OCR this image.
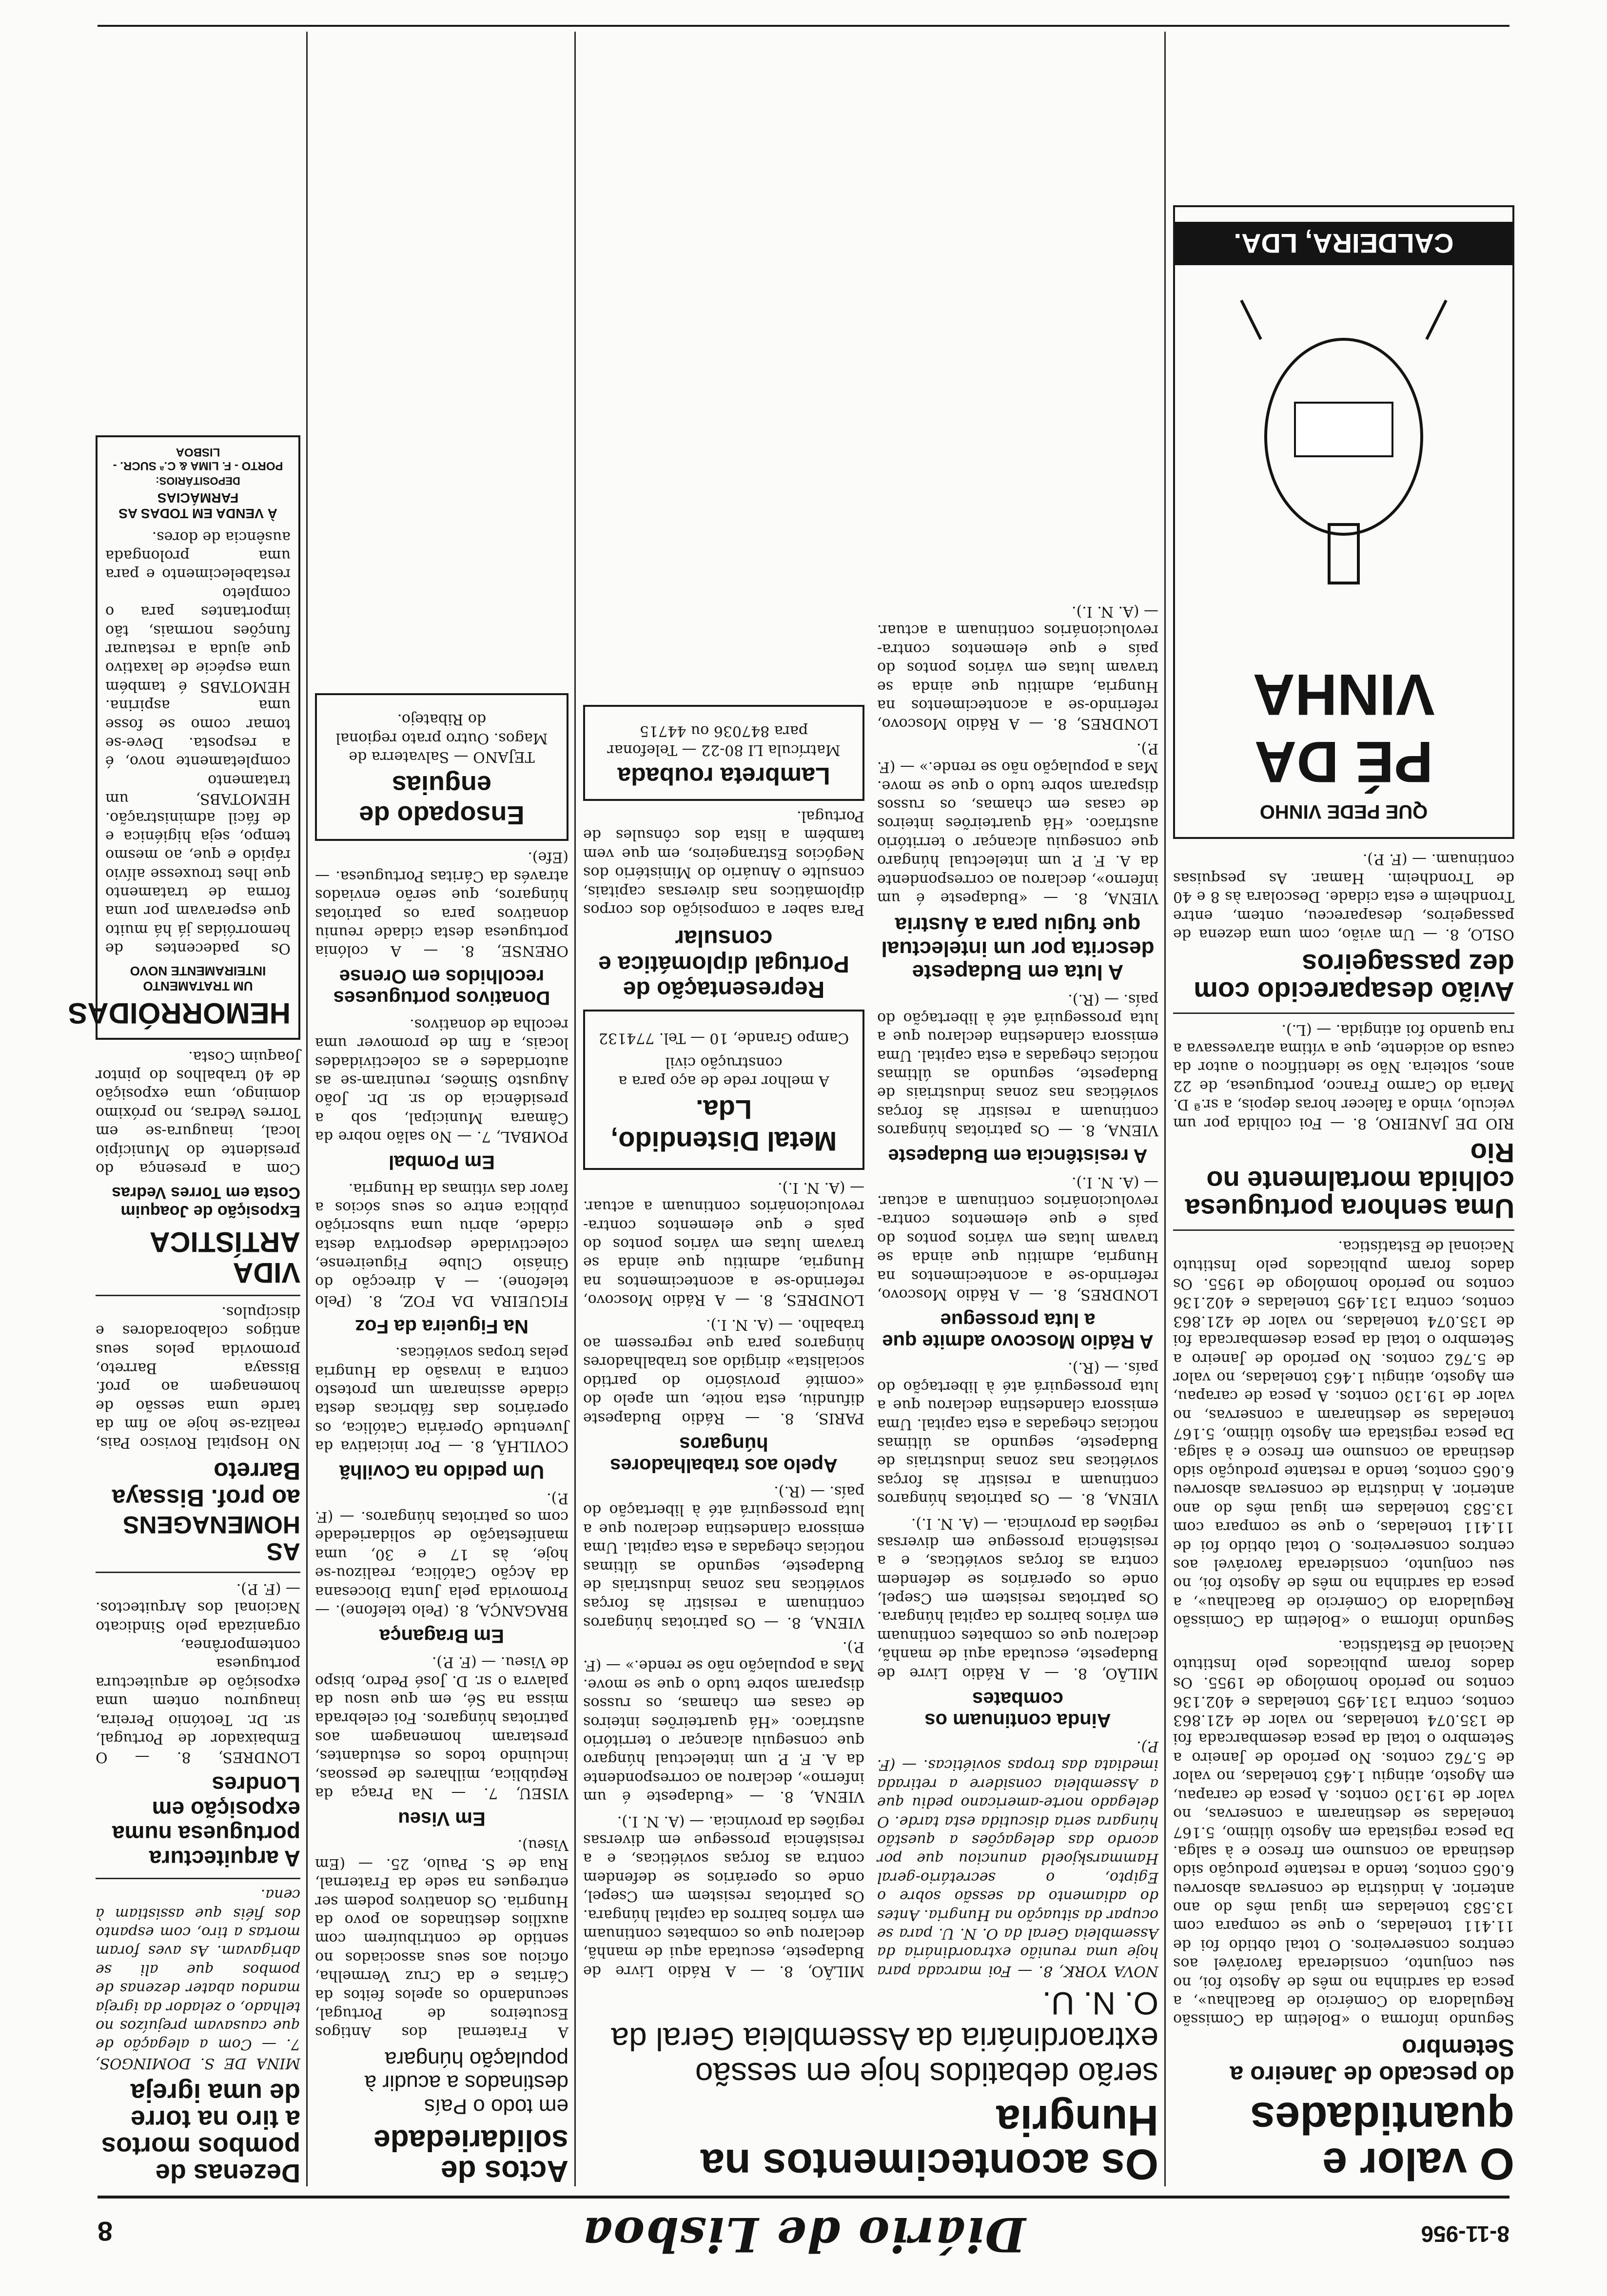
8-11-956
Diário de Lisboa
8
O valor e quantidades
do pescado de Janeiro a Setembro
Segundo informa o «Boletim da Comissão Reguladora do Comércio de Bacalhau», a pesca da sardinha no mês de Agosto foi, no seu conjunto, considerada favorável aos centros conserveiros. O total obtido foi de 11.411 toneladas, o que se compara com 13.583 toneladas em igual mês do ano anterior. A indústria de conservas absorveu 6.065 contos, tendo a restante produção sido destinada ao consumo em fresco e à salga. Da pesca registada em Agosto último, 5.167 toneladas se destinaram a conservas, no valor de 19.130 contos. A pesca de carapau, em Agosto, atingiu 1.463 toneladas, no valor de 5.762 contos. No período de Janeiro a Setembro o total da pesca desembarcada foi de 135.074 toneladas, no valor de 421.863 contos, contra 131.495 toneladas e 402.136 contos no período homólogo de 1955. Os dados foram publicados pelo Instituto Nacional de Estatística.
Segundo informa o «Boletim da Comissão Reguladora do Comércio de Bacalhau», a pesca da sardinha no mês de Agosto foi, no seu conjunto, considerada favorável aos centros conserveiros. O total obtido foi de 11.411 toneladas, o que se compara com 13.583 toneladas em igual mês do ano anterior. A indústria de conservas absorveu 6.065 contos, tendo a restante produção sido destinada ao consumo em fresco e à salga. Da pesca registada em Agosto último, 5.167 toneladas se destinaram a conservas, no valor de 19.130 contos. A pesca de carapau, em Agosto, atingiu 1.463 toneladas, no valor de 5.762 contos. No período de Janeiro a Setembro o total da pesca desembarcada foi de 135.074 toneladas, no valor de 421.863 contos, contra 131.495 toneladas e 402.136 contos no período homólogo de 1955. Os dados foram publicados pelo Instituto Nacional de Estatística.
Uma senhora portuguesa colhida mortalmente no Rio
RIO DE JANEIRO, 8. — Foi colhida por um veículo, vindo a falecer horas depois, a sr.ª D. Maria do Carmo Franco, portuguesa, de 22 anos, solteira. Não se identificou o autor da causa do acidente, que a vítima atravessava a rua quando foi atingida. — (L.).
Avião desaparecido com dez passageiros
OSLO, 8. — Um avião, com uma dezena de passageiros, desapareceu, ontem, entre Trondheim e esta cidade. Descolara às 8 e 40 de Trondheim. Hamar. As pesquisas continuam. — (F. P.).
QUE PEDE VINHO
PÉ DA VINHA
CALDEIRA, LDA.
Os acontecimentos na Hungria
serão debatidos hoje em sessão extraordinária da Assembleia Geral da O. N. U.
NOVA YORK, 8. — Foi marcada para hoje uma reunião extraordinária da Assembleia Geral da O. N. U. para se ocupar da situação na Hungria. Antes do adiamento da sessão sobre o Egipto, o secretário-geral Hammarskjoeld anunciou que por acordo das delegações a questão húngara seria discutida esta tarde. O delegado norte-americano pediu que a Assembleia considere a retirada imediata das tropas soviéticas. — (F. P.).
Ainda continuam os combates
MILÃO, 8. — A Rádio Livre de Budapeste, escutada aqui de manhã, declarou que os combates continuam em vários bairros da capital húngara. Os patriotas resistem em Csepel, onde os operários se defendem contra as forças soviéticas, e a resistência prossegue em diversas regiões da província. — (A. N. I.).
VIENA, 8. — Os patriotas húngaros continuam a resistir às forças soviéticas nas zonas industriais de Budapeste, segundo as últimas notícias chegadas a esta capital. Uma emissora clandestina declarou que a luta prosseguirá até à libertação do país. — (R.).
A Rádio Moscovo admite que a luta prossegue
LONDRES, 8. — A Rádio Moscovo, referindo-se a acontecimentos na Hungria, admitiu que ainda se travam lutas em vários pontos do país e que elementos contra-revolucionários continuam a actuar. — (A. N. I.).
A resistência em Budapeste
VIENA, 8. — Os patriotas húngaros continuam a resistir às forças soviéticas nas zonas industriais de Budapeste, segundo as últimas notícias chegadas a esta capital. Uma emissora clandestina declarou que a luta prosseguirá até à libertação do país. — (R.).
A luta em Budapeste descrita por um intelectual que fugiu para a Áustria
VIENA, 8. — «Budapeste é um inferno», declarou ao correspondente da A. F. P. um intelectual húngaro que conseguiu alcançar o território austríaco. «Há quarteirões inteiros de casas em chamas, os russos disparam sobre tudo o que se move. Mas a população não se rende.» — (F. P.).
LONDRES, 8. — A Rádio Moscovo, referindo-se a acontecimentos na Hungria, admitiu que ainda se travam lutas em vários pontos do país e que elementos contra-revolucionários continuam a actuar. — (A. N. I.).
MILÃO, 8. — A Rádio Livre de Budapeste, escutada aqui de manhã, declarou que os combates continuam em vários bairros da capital húngara. Os patriotas resistem em Csepel, onde os operários se defendem contra as forças soviéticas, e a resistência prossegue em diversas regiões da província. — (A. N. I.).
VIENA, 8. — «Budapeste é um inferno», declarou ao correspondente da A. F. P. um intelectual húngaro que conseguiu alcançar o território austríaco. «Há quarteirões inteiros de casas em chamas, os russos disparam sobre tudo o que se move. Mas a população não se rende.» — (F. P.).
VIENA, 8. — Os patriotas húngaros continuam a resistir às forças soviéticas nas zonas industriais de Budapeste, segundo as últimas notícias chegadas a esta capital. Uma emissora clandestina declarou que a luta prosseguirá até à libertação do país. — (R.).
Apelo aos trabalhadores húngaros
PARIS, 8. — Rádio Budapeste difundiu, esta noite, um apelo do «comité provisório do partido socialista» dirigido aos trabalhadores húngaros para que regressem ao trabalho. — (A. N. I.).
LONDRES, 8. — A Rádio Moscovo, referindo-se a acontecimentos na Hungria, admitiu que ainda se travam lutas em vários pontos do país e que elementos contra-revolucionários continuam a actuar. — (A. N. I.).
Metal Distendido, Lda.
A melhor rede de aço para a construção civil
Campo Grande, 10 — Tel. 774132
Representação de Portugal diplomática e consular
Para saber a composição dos corpos diplomáticos nas diversas capitais, consulte o Anuário do Ministério dos Negócios Estrangeiros, em que vem também a lista dos cônsules de Portugal.
Lambreta roubada
Matrícula LI 80-22 — Telefonar para 847036 ou 44715
Actos de solidariedade
em todo o País destinados a acudir à população húngara
A Fraternal dos Antigos Escuteiros de Portugal, secundando os apelos feitos da Cáritas e da Cruz Vermelha, oficiou aos seus associados no sentido de contribuírem com auxílios destinados ao povo da Hungria. Os donativos podem ser entregues na sede da Fraternal, Rua de S. Paulo, 25. — (Em Viseu).
Em Viseu
VISEU, 7. — Na Praça da República, milhares de pessoas, incluindo todos os estudantes, prestaram homenagem aos patriotas húngaros. Foi celebrada missa na Sé, em que usou da palavra o sr. D. José Pedro, bispo de Viseu. — (F. P.).
Em Bragança
BRAGANÇA, 8. (Pelo telefone). — Promovida pela Junta Diocesana da Acção Católica, realizou-se hoje, às 17 e 30, uma manifestação de solidariedade com os patriotas húngaros. — (F. P.).
Um pedido na Covilhã
COVILHÃ, 8. — Por iniciativa da Juventude Operária Católica, os operários das fábricas desta cidade assinaram um protesto contra a invasão da Hungria pelas tropas soviéticas.
Na Figueira da Foz
FIGUEIRA DA FOZ, 8. (Pelo telefone). — A direcção do Ginásio Clube Figueirense, colectividade desportiva desta cidade, abriu uma subscrição pública entre os seus sócios a favor das vítimas da Hungria.
Em Pombal
POMBAL, 7. — No salão nobre da Câmara Municipal, sob a presidência do sr. Dr. João Augusto Simões, reuniram-se as autoridades e as colectividades locais, a fim de promover uma recolha de donativos.
Donativos portugueses recolhidos em Orense
ORENSE, 8. — A colónia portuguesa desta cidade reuniu donativos para os patriotas húngaros, que serão enviados através da Cáritas Portuguesa. — (Efe).
Ensopado de enguias
TEJANO — Salvaterra de Magos. Outro prato regional do Ribatejo.
Dezenas de pombos mortos a tiro na torre de uma igreja
MINA DE S. DOMINGOS, 7. — Com a alegação de que causavam prejuízos no telhado, o zelador da igreja mandou abater dezenas de pombos que ali se abrigavam. As aves foram mortas a tiro, com espanto dos fiéis que assistiam à cena.
A arquitectura portuguesa numa exposição em Londres
LONDRES, 8. — O Embaixador de Portugal, sr. Dr. Teotónio Pereira, inaugurou ontem uma exposição de arquitectura portuguesa contemporânea, organizada pelo Sindicato Nacional dos Arquitectos. — (F. P.).
AS HOMENAGENS ao prof. Bissaya Barreto
No Hospital Rovisco Pais, realiza-se hoje ao fim da tarde uma sessão de homenagem ao prof. Bissaya Barreto, promovida pelos seus antigos colaboradores e discípulos.
VIDA ARTÍSTICA
Exposição de Joaquim Costa em Torres Vedras
Com a presença do presidente do Município local, inaugura-se em Torres Vedras, no próximo domingo, uma exposição de 40 trabalhos do pintor Joaquim Costa.
HEMORRÓIDAS
UM TRATAMENTO INTEIRAMENTE NOVO
Os padecentes de hemorróidas já há muito que esperavam por uma forma de tratamento que lhes trouxesse alívio rápido e que, ao mesmo tempo, seja higiénica e de fácil administração. HEMOTABS, um tratamento completamente novo, é a resposta. Deve-se tomar como se fosse uma aspirina. HEMOTABS é também uma espécie de laxativo que ajuda a restaurar funções normais, tão importantes para o completo restabelecimento e para uma prolongada ausência de dores.
À VENDA EM TODAS AS FARMÁCIAS
DEPOSITÁRIOS:
PORTO - F. LIMA & C.ª SUCR. - LISBOA
